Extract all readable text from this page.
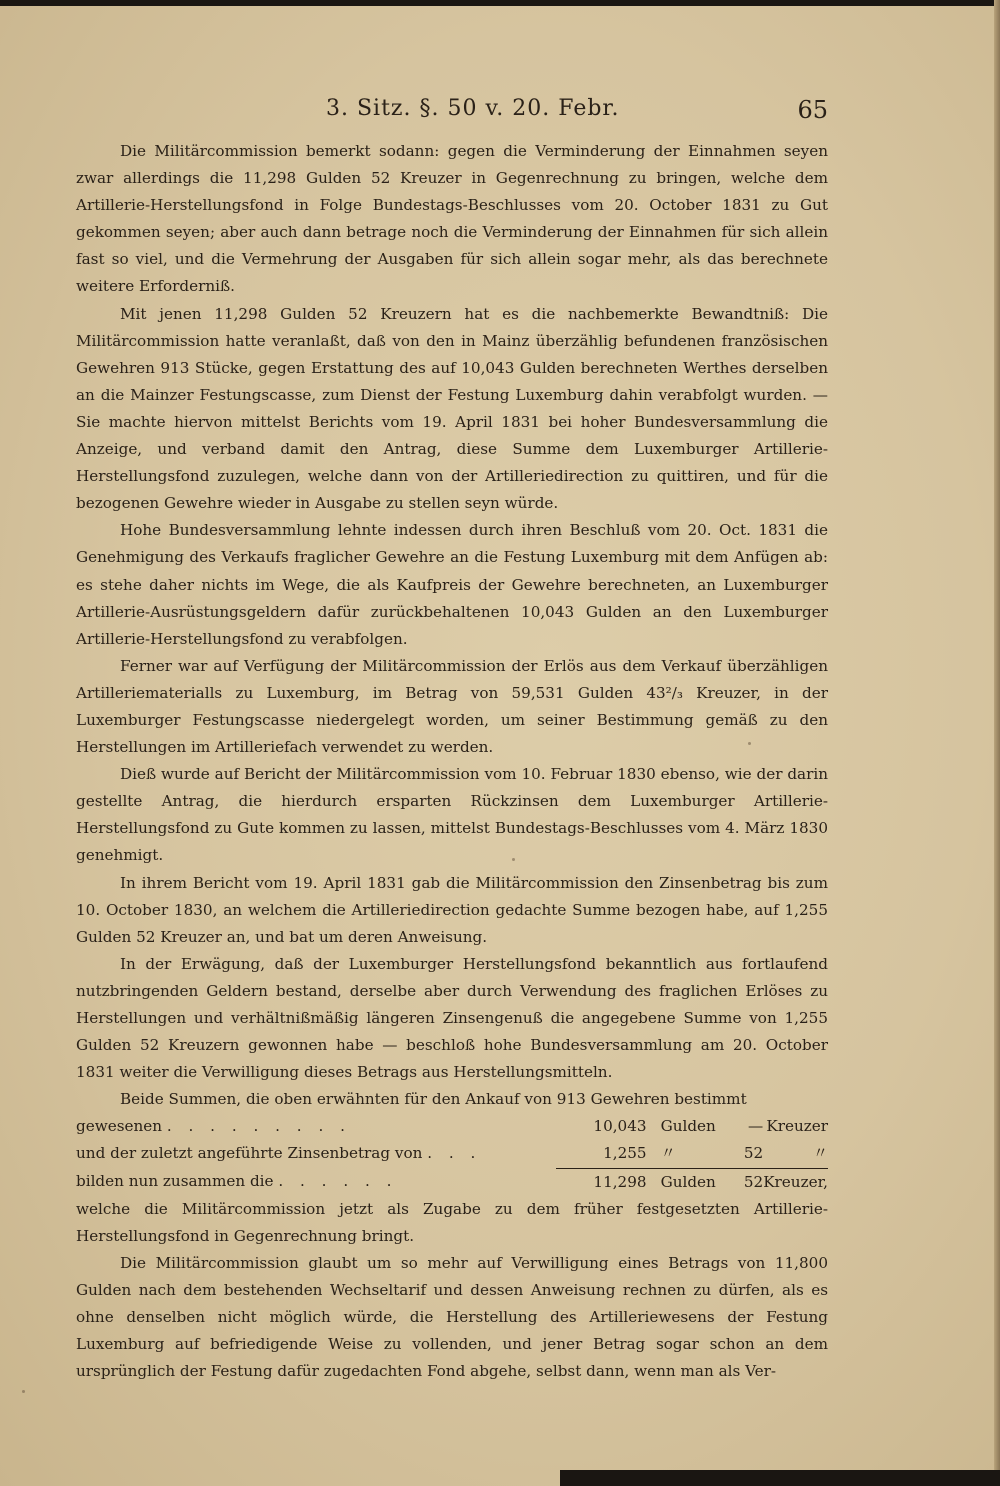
3. Sitz. §. 50 v. 20. Febr.	65

Die Militärcommission bemerkt sodann: gegen die Verminderung der Einnahmen seyen zwar allerdings die 11,298 Gulden 52 Kreuzer in Gegenrechnung zu bringen, welche dem Artillerie-Herstellungsfond in Folge Bundestags-Beschlusses vom 20. October 1831 zu Gut gekommen seyen; aber auch dann betrage noch die Verminderung der Einnahmen für sich allein fast so viel, und die Vermehrung der Ausgaben für sich allein sogar mehr, als das berechnete weitere Erforderniß.

Mit jenen 11,298 Gulden 52 Kreuzern hat es die nachbemerkte Bewandtniß: Die Militärcommission hatte veranlaßt, daß von den in Mainz überzählig befundenen französischen Gewehren 913 Stücke, gegen Erstattung des auf 10,043 Gulden berechneten Werthes derselben an die Mainzer Festungscasse, zum Dienst der Festung Luxemburg dahin verabfolgt wurden. — Sie machte hiervon mittelst Berichts vom 19. April 1831 bei hoher Bundesversammlung die Anzeige, und verband damit den Antrag, diese Summe dem Luxemburger Artillerie-Herstellungsfond zuzulegen, welche dann von der Artilleriedirection zu quittiren, und für die bezogenen Gewehre wieder in Ausgabe zu stellen seyn würde.

Hohe Bundesversammlung lehnte indessen durch ihren Beschluß vom 20. Oct. 1831 die Genehmigung des Verkaufs fraglicher Gewehre an die Festung Luxemburg mit dem Anfügen ab: es stehe daher nichts im Wege, die als Kaufpreis der Gewehre berechneten, an Luxemburger Artillerie-Ausrüstungsgeldern dafür zurückbehaltenen 10,043 Gulden an den Luxemburger Artillerie-Herstellungsfond zu verabfolgen.

Ferner war auf Verfügung der Militärcommission der Erlös aus dem Verkauf überzähligen Artilleriematerialls zu Luxemburg, im Betrag von 59,531 Gulden 43²/₃ Kreuzer, in der Luxemburger Festungscasse niedergelegt worden, um seiner Bestimmung gemäß zu den Herstellungen im Artilleriefach verwendet zu werden.

Dieß wurde auf Bericht der Militärcommission vom 10. Februar 1830 ebenso, wie der darin gestellte Antrag, die hierdurch ersparten Rückzinsen dem Luxemburger Artillerie-Herstellungsfond zu Gute kommen zu lassen, mittelst Bundestags-Beschlusses vom 4. März 1830 genehmigt.

In ihrem Bericht vom 19. April 1831 gab die Militärcommission den Zinsenbetrag bis zum 10. October 1830, an welchem die Artilleriedirection gedachte Summe bezogen habe, auf 1,255 Gulden 52 Kreuzer an, und bat um deren Anweisung.

In der Erwägung, daß der Luxemburger Herstellungsfond bekanntlich aus fortlaufend nutzbringenden Geldern bestand, derselbe aber durch Verwendung des fraglichen Erlöses zu Herstellungen und verhältnißmäßig längeren Zinsengenuß die angegebene Summe von 1,255 Gulden 52 Kreuzern gewonnen habe — beschloß hohe Bundesversammlung am 20. October 1831 weiter die Verwilligung dieses Betrags aus Herstellungsmitteln.

Beide Summen, die oben erwähnten für den Ankauf von 913 Gewehren bestimmt

gewesenen . . . . . . . . .	10,043	Gulden	—	Kreuzer
und der zuletzt angeführte Zinsenbetrag von . . .	1,255	〃	52	〃
bilden nun zusammen die . . . . . .	11,298	Gulden	52	Kreuzer,

welche die Militärcommission jetzt als Zugabe zu dem früher festgesetzten Artillerie-Herstellungsfond in Gegenrechnung bringt.

Die Militärcommission glaubt um so mehr auf Verwilligung eines Betrags von 11,800 Gulden nach dem bestehenden Wechseltarif und dessen Anweisung rechnen zu dürfen, als es ohne denselben nicht möglich würde, die Herstellung des Artilleriewesens der Festung Luxemburg auf befriedigende Weise zu vollenden, und jener Betrag sogar schon an dem ursprünglich der Festung dafür zugedachten Fond abgehe, selbst dann, wenn man als Ver-
